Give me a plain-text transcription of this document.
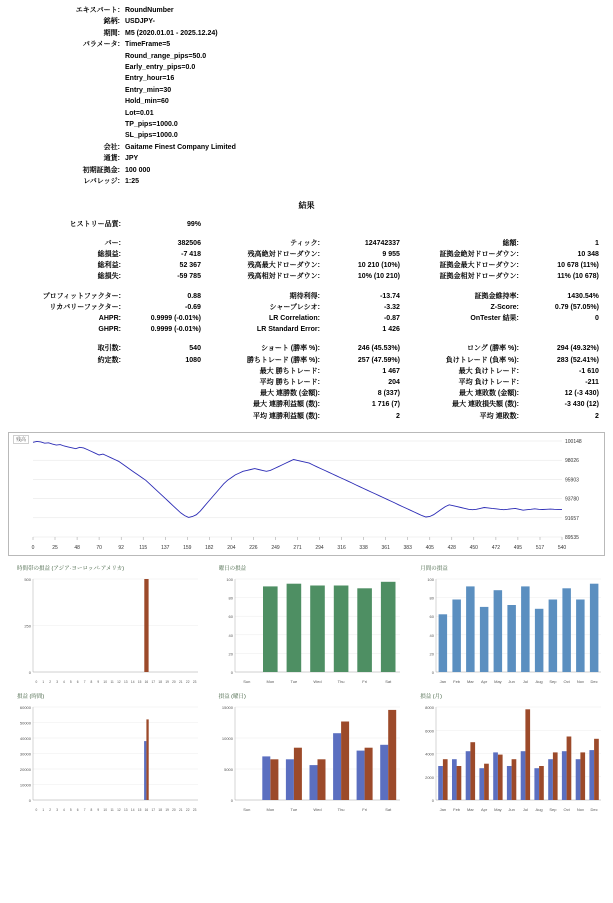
エキスパート: RoundNumber
銘柄: USDJPY-
期間: M5 (2020.01.01 - 2025.12.24)
パラメータ: TimeFrame=5
Round_range_pips=50.0
Early_entry_pips=0.0
Entry_hour=16
Entry_min=30
Hold_min=60
Lot=0.01
TP_pips=1000.0
SL_pips=1000.0
会社: Gaitame Finest Company Limited
通貨: JPY
初期証拠金: 100 000
レバレッジ: 1:25
結果
ヒストリー品質:	99%
バー:	382506	ティック:	124742337	総額:	1
総損益:	-7 418	残高絶対ドローダウン:	9 955	証拠金絶対ドローダウン:	10 348
総利益:	52 367	残高最大ドローダウン:	10 210 (10%)	証拠金最大ドローダウン:	10 678 (11%)
総損失:	-59 785	残高相対ドローダウン:	10% (10 210)	証拠金相対ドローダウン:	11% (10 678)
プロフィットファクター:	0.88	期待利得:	-13.74	証拠金維持率:	1430.54%
リカバリーファクター:	-0.69	シャープレシオ:	-3.32	Z-Score:	0.79 (57.05%)
AHPR:	0.9999 (-0.01%)	LR Correlation:	-0.87	OnTester 結果:	0
GHPR:	0.9999 (-0.01%)	LR Standard Error:	1 426
取引数:	540	ショート (勝率 %):	246 (45.53%)	ロング (勝率 %):	294 (49.32%)
約定数:	1080	勝ちトレード (勝率 %):	257 (47.59%)	負けトレード (負率 %):	283 (52.41%)
最大 勝ちトレード:	1 467	最大 負けトレード:	-1 610
平均 勝ちトレード:	204	平均 負けトレード:	-211
最大 連勝数 (金額):	8 (337)	最大 連敗数 (金額):	12 (-3 430)
最大 連勝利益額 (数):	1 716 (7)	最大 連敗損失額 (数):	-3 430 (12)
平均 連勝利益額 (数):	2	平均 連敗数:	2
残高	100148
98026
95903
93780
91657
89535
0	25	48	70	92	115	137	159	182	204	226	249	271	294	316	338	361	383	405	428	450	472	495	517	540
時間帯の損益 (アジア·ヨーロッパ·アメリカ)
500
250
0
0 1 2 3 4 5 6 7 8 9 10 11 12 13 14 15 16 17 18 19 20 21 22 23
曜日の損益
100
80
60
40
20
0
Sun	Mon	Tue	Wed	Thu	Fri	Sat
月間の損益
100
80
60
40
20
0
Jan Feb Mar Apr May Jun Jul Aug Sep Oct Nov Dec
損益 (時間)
60000
50000
40000
30000
20000
10000
0
0 1 2 3 4 5 6 7 8 9 10 11 12 13 14 15 16 17 18 19 20 21 22 23
損益 (曜日)
15000
10000
5000
0
Sun	Mon	Tue	Wed	Thu	Fri	Sat
損益 (月)
8000
6000
4000
2000
0
Jan Feb Mar Apr May Jun Jul Aug Sep Oct Nov Dec
